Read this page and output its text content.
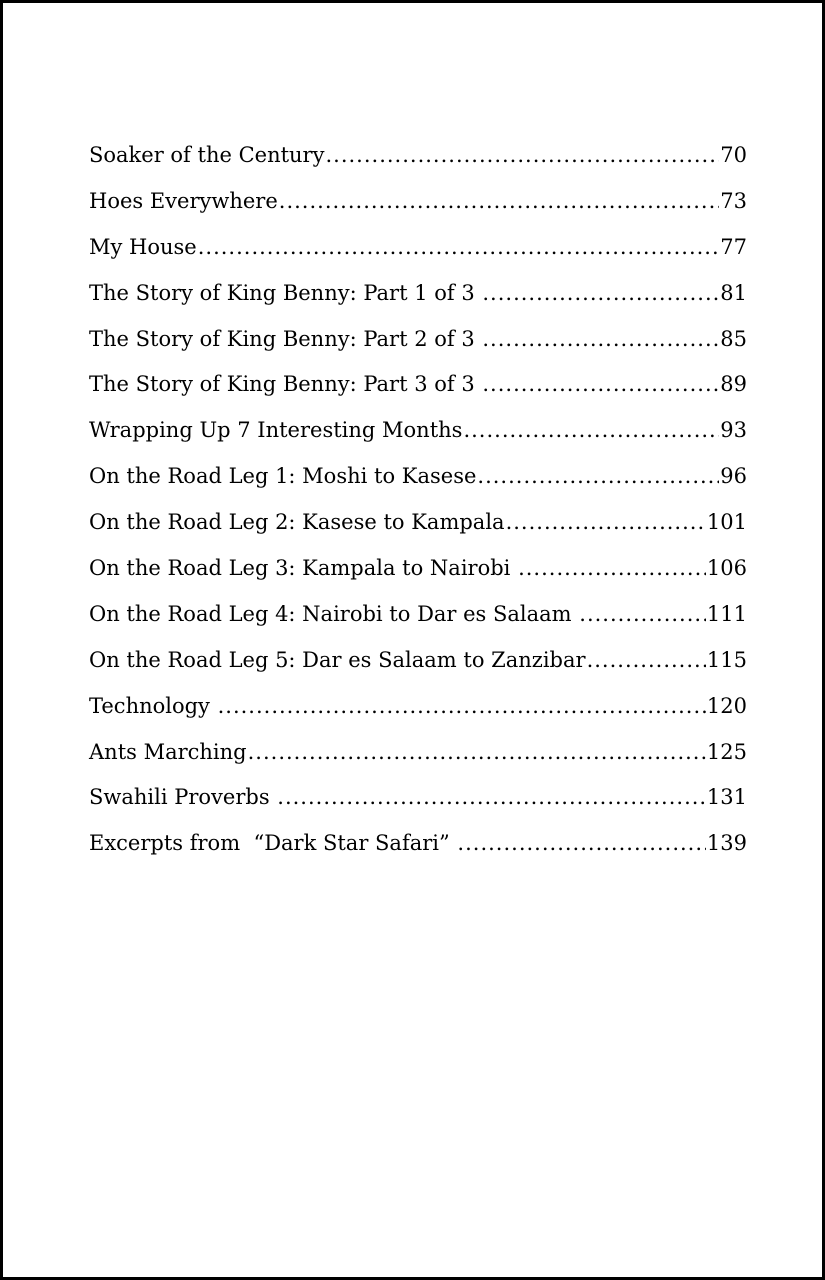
Soaker of the Century .....	70
Hoes Everywhere .....	73
My House .....	77
The Story of King Benny: Part 1 of 3 .....	81
The Story of King Benny: Part 2 of 3 .....	85
The Story of King Benny: Part 3 of 3 .....	89
Wrapping Up 7 Interesting Months .....	93
On the Road Leg 1: Moshi to Kasese .....	96
On the Road Leg 2: Kasese to Kampala .....	101
On the Road Leg 3: Kampala to Nairobi .....	106
On the Road Leg 4: Nairobi to Dar es Salaam .....	111
On the Road Leg 5: Dar es Salaam to Zanzibar .....	115
Technology .....	120
Ants Marching .....	125
Swahili Proverbs .....	131
Excerpts from  “Dark Star Safari” .....	139
